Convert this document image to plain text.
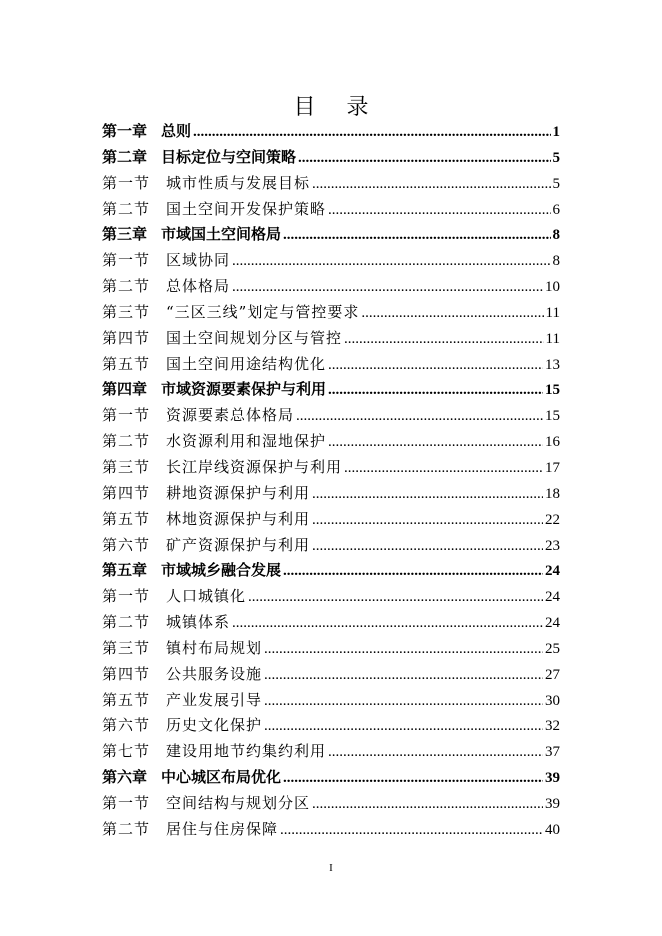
目 录
第一章 总则 .....	1
第二章 目标定位与空间策略 .....	5
第一节 城市性质与发展目标 .....	5
第二节 国土空间开发保护策略 .....	6
第三章 市域国土空间格局 .....	8
第一节 区域协同 .....	8
第二节 总体格局 .....	10
第三节 “三区三线”划定与管控要求 .....	11
第四节 国土空间规划分区与管控 .....	11
第五节 国土空间用途结构优化 .....	13
第四章 市域资源要素保护与利用 .....	15
第一节 资源要素总体格局 .....	15
第二节 水资源利用和湿地保护 .....	16
第三节 长江岸线资源保护与利用 .....	17
第四节 耕地资源保护与利用 .....	18
第五节 林地资源保护与利用 .....	22
第六节 矿产资源保护与利用 .....	23
第五章 市域城乡融合发展 .....	24
第一节 人口城镇化 .....	24
第二节 城镇体系 .....	24
第三节 镇村布局规划 .....	25
第四节 公共服务设施 .....	27
第五节 产业发展引导 .....	30
第六节 历史文化保护 .....	32
第七节 建设用地节约集约利用 .....	37
第六章 中心城区布局优化 .....	39
第一节 空间结构与规划分区 .....	39
第二节 居住与住房保障 .....	40
I
